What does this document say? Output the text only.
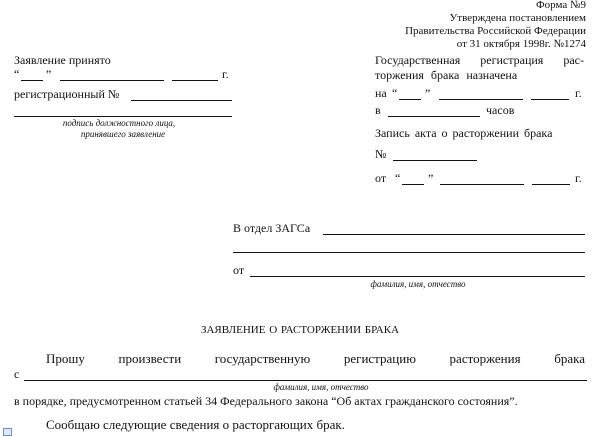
Форма №9
Утверждена постановлением
Правительства Российской Федерации
от 31 октября 1998г. №1274
Заявление принято
“ ”	г.
регистрационный №
подпись должностного лица,
принявшего заявление
Государственная регистрация рас-
торжения брака назначена
на “ ”	г.
в	часов
Запись акта о расторжении брака
№
от “ ”	г.
В отдел ЗАГСа
от
фамилия, имя, отчество
ЗАЯВЛЕНИЕ О РАСТОРЖЕНИИ БРАКА
Прошу произвести государственную регистрацию расторжения брака
с
фамилия, имя, отчество
в порядке, предусмотренном статьей 34 Федерального закона “Об актах гражданского состояния”.
Сообщаю следующие сведения о расторгающих брак.
